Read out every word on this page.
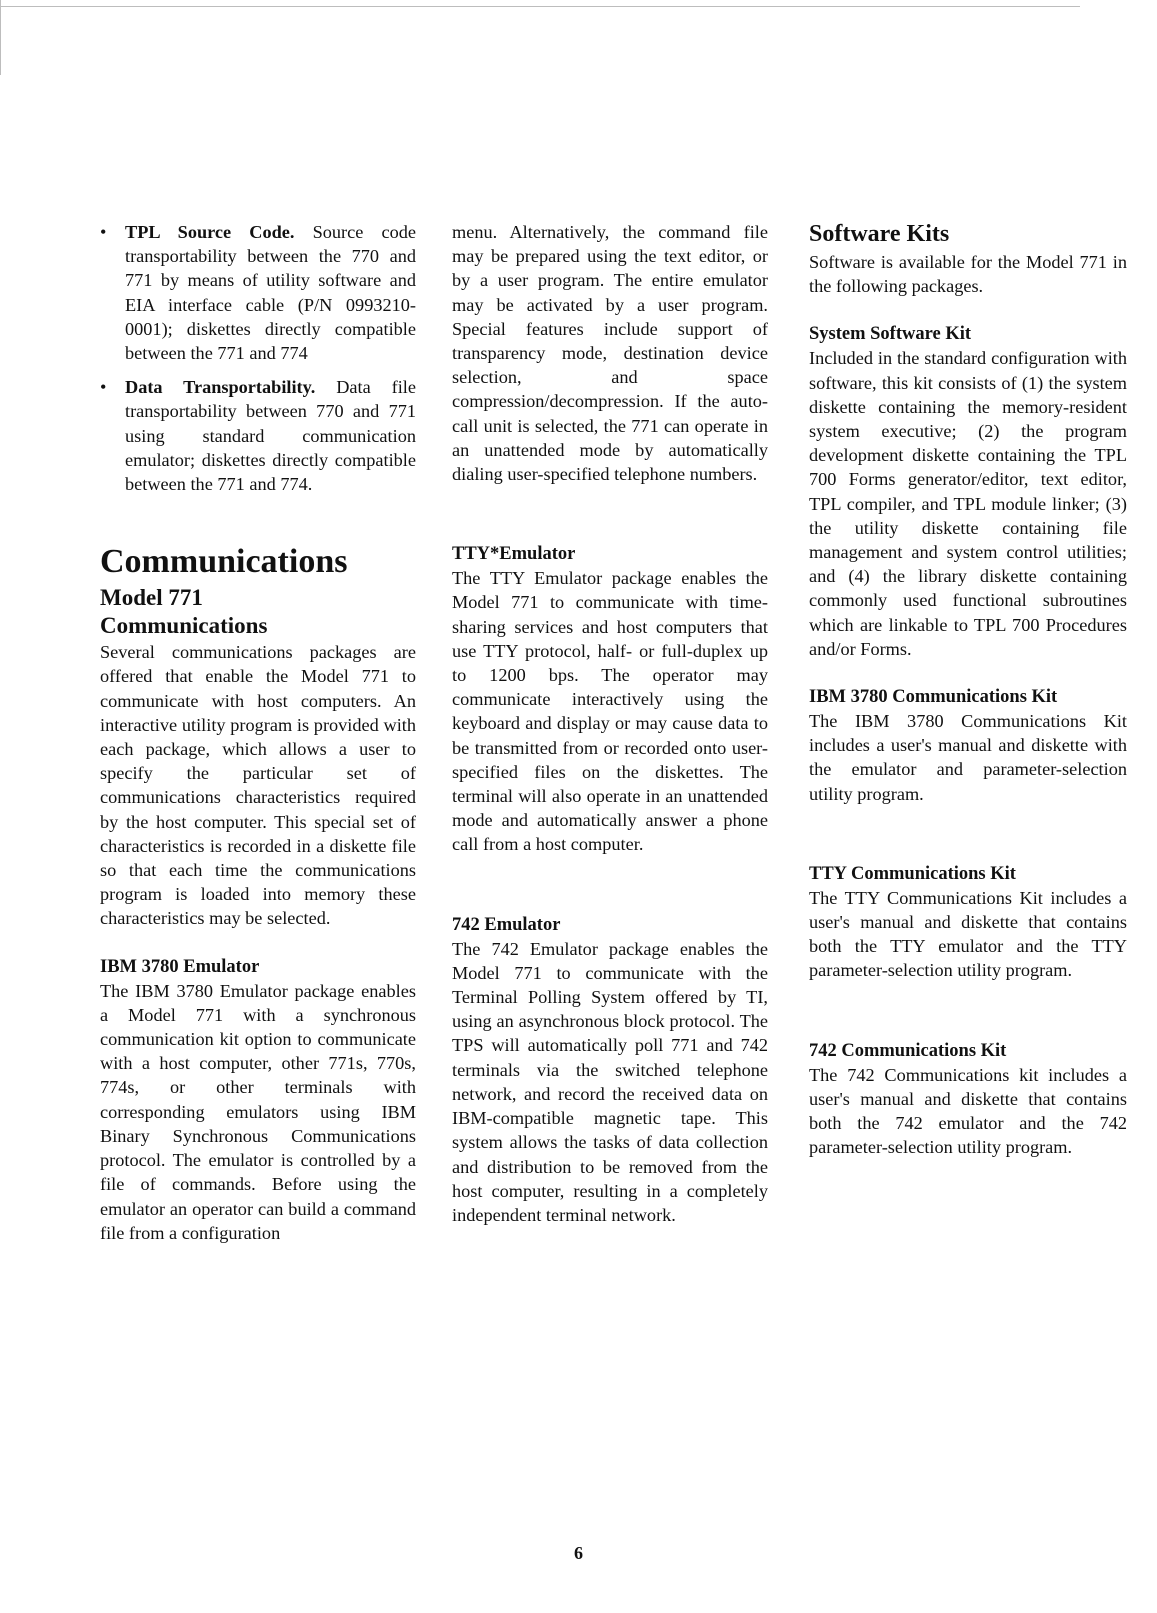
• TPL Source Code. Source code transportability between the 770 and 771 by means of utility software and EIA interface cable (P/N 0993210-0001); diskettes directly compatible between the 771 and 774
• Data Transportability. Data file transportability between 770 and 771 using standard communication emulator; diskettes directly compatible between the 771 and 774.
Communications
Model 771
Communications

Several communications packages are offered that enable the Model 771 to communicate with host computers. An interactive utility program is provided with each package, which allows a user to specify the particular set of communications characteristics required by the host computer. This special set of characteristics is recorded in a diskette file so that each time the communications program is loaded into memory these characteristics may be selected.

IBM 3780 Emulator

The IBM 3780 Emulator package enables a Model 771 with a synchronous communication kit option to communicate with a host computer, other 771s, 770s, 774s, or other terminals with corresponding emulators using IBM Binary Synchronous Communications protocol. The emulator is controlled by a file of commands. Before using the emulator an operator can build a command file from a configuration

menu. Alternatively, the command file may be prepared using the text editor, or by a user program. The entire emulator may be activated by a user program. Special features include support of transparency mode, destination device selection, and space compression/decompression. If the auto-call unit is selected, the 771 can operate in an unattended mode by automatically dialing user-specified telephone numbers.

TTY*Emulator

The TTY Emulator package enables the Model 771 to communicate with time-sharing services and host computers that use TTY protocol, half- or full-duplex up to 1200 bps. The operator may communicate interactively using the keyboard and display or may cause data to be transmitted from or recorded onto user-specified files on the diskettes. The terminal will also operate in an unattended mode and automatically answer a phone call from a host computer.

742 Emulator

The 742 Emulator package enables the Model 771 to communicate with the Terminal Polling System offered by TI, using an asynchronous block protocol. The TPS will automatically poll 771 and 742 terminals via the switched telephone network, and record the received data on IBM-compatible magnetic tape. This system allows the tasks of data collection and distribution to be removed from the host computer, resulting in a completely independent terminal network.

Software Kits

Software is available for the Model 771 in the following packages.

System Software Kit

Included in the standard configuration with software, this kit consists of (1) the system diskette containing the memory-resident system executive; (2) the program development diskette containing the TPL 700 Forms generator/editor, text editor, TPL compiler, and TPL module linker; (3) the utility diskette containing file management and system control utilities; and (4) the library diskette containing commonly used functional subroutines which are linkable to TPL 700 Procedures and/or Forms.

IBM 3780 Communications Kit

The IBM 3780 Communications Kit includes a user's manual and diskette with the emulator and parameter-selection utility program.

TTY Communications Kit

The TTY Communications Kit includes a user's manual and diskette that contains both the TTY emulator and the TTY parameter-selection utility program.

742 Communications Kit

The 742 Communications kit includes a user's manual and diskette that contains both the 742 emulator and the 742 parameter-selection utility program.

6
